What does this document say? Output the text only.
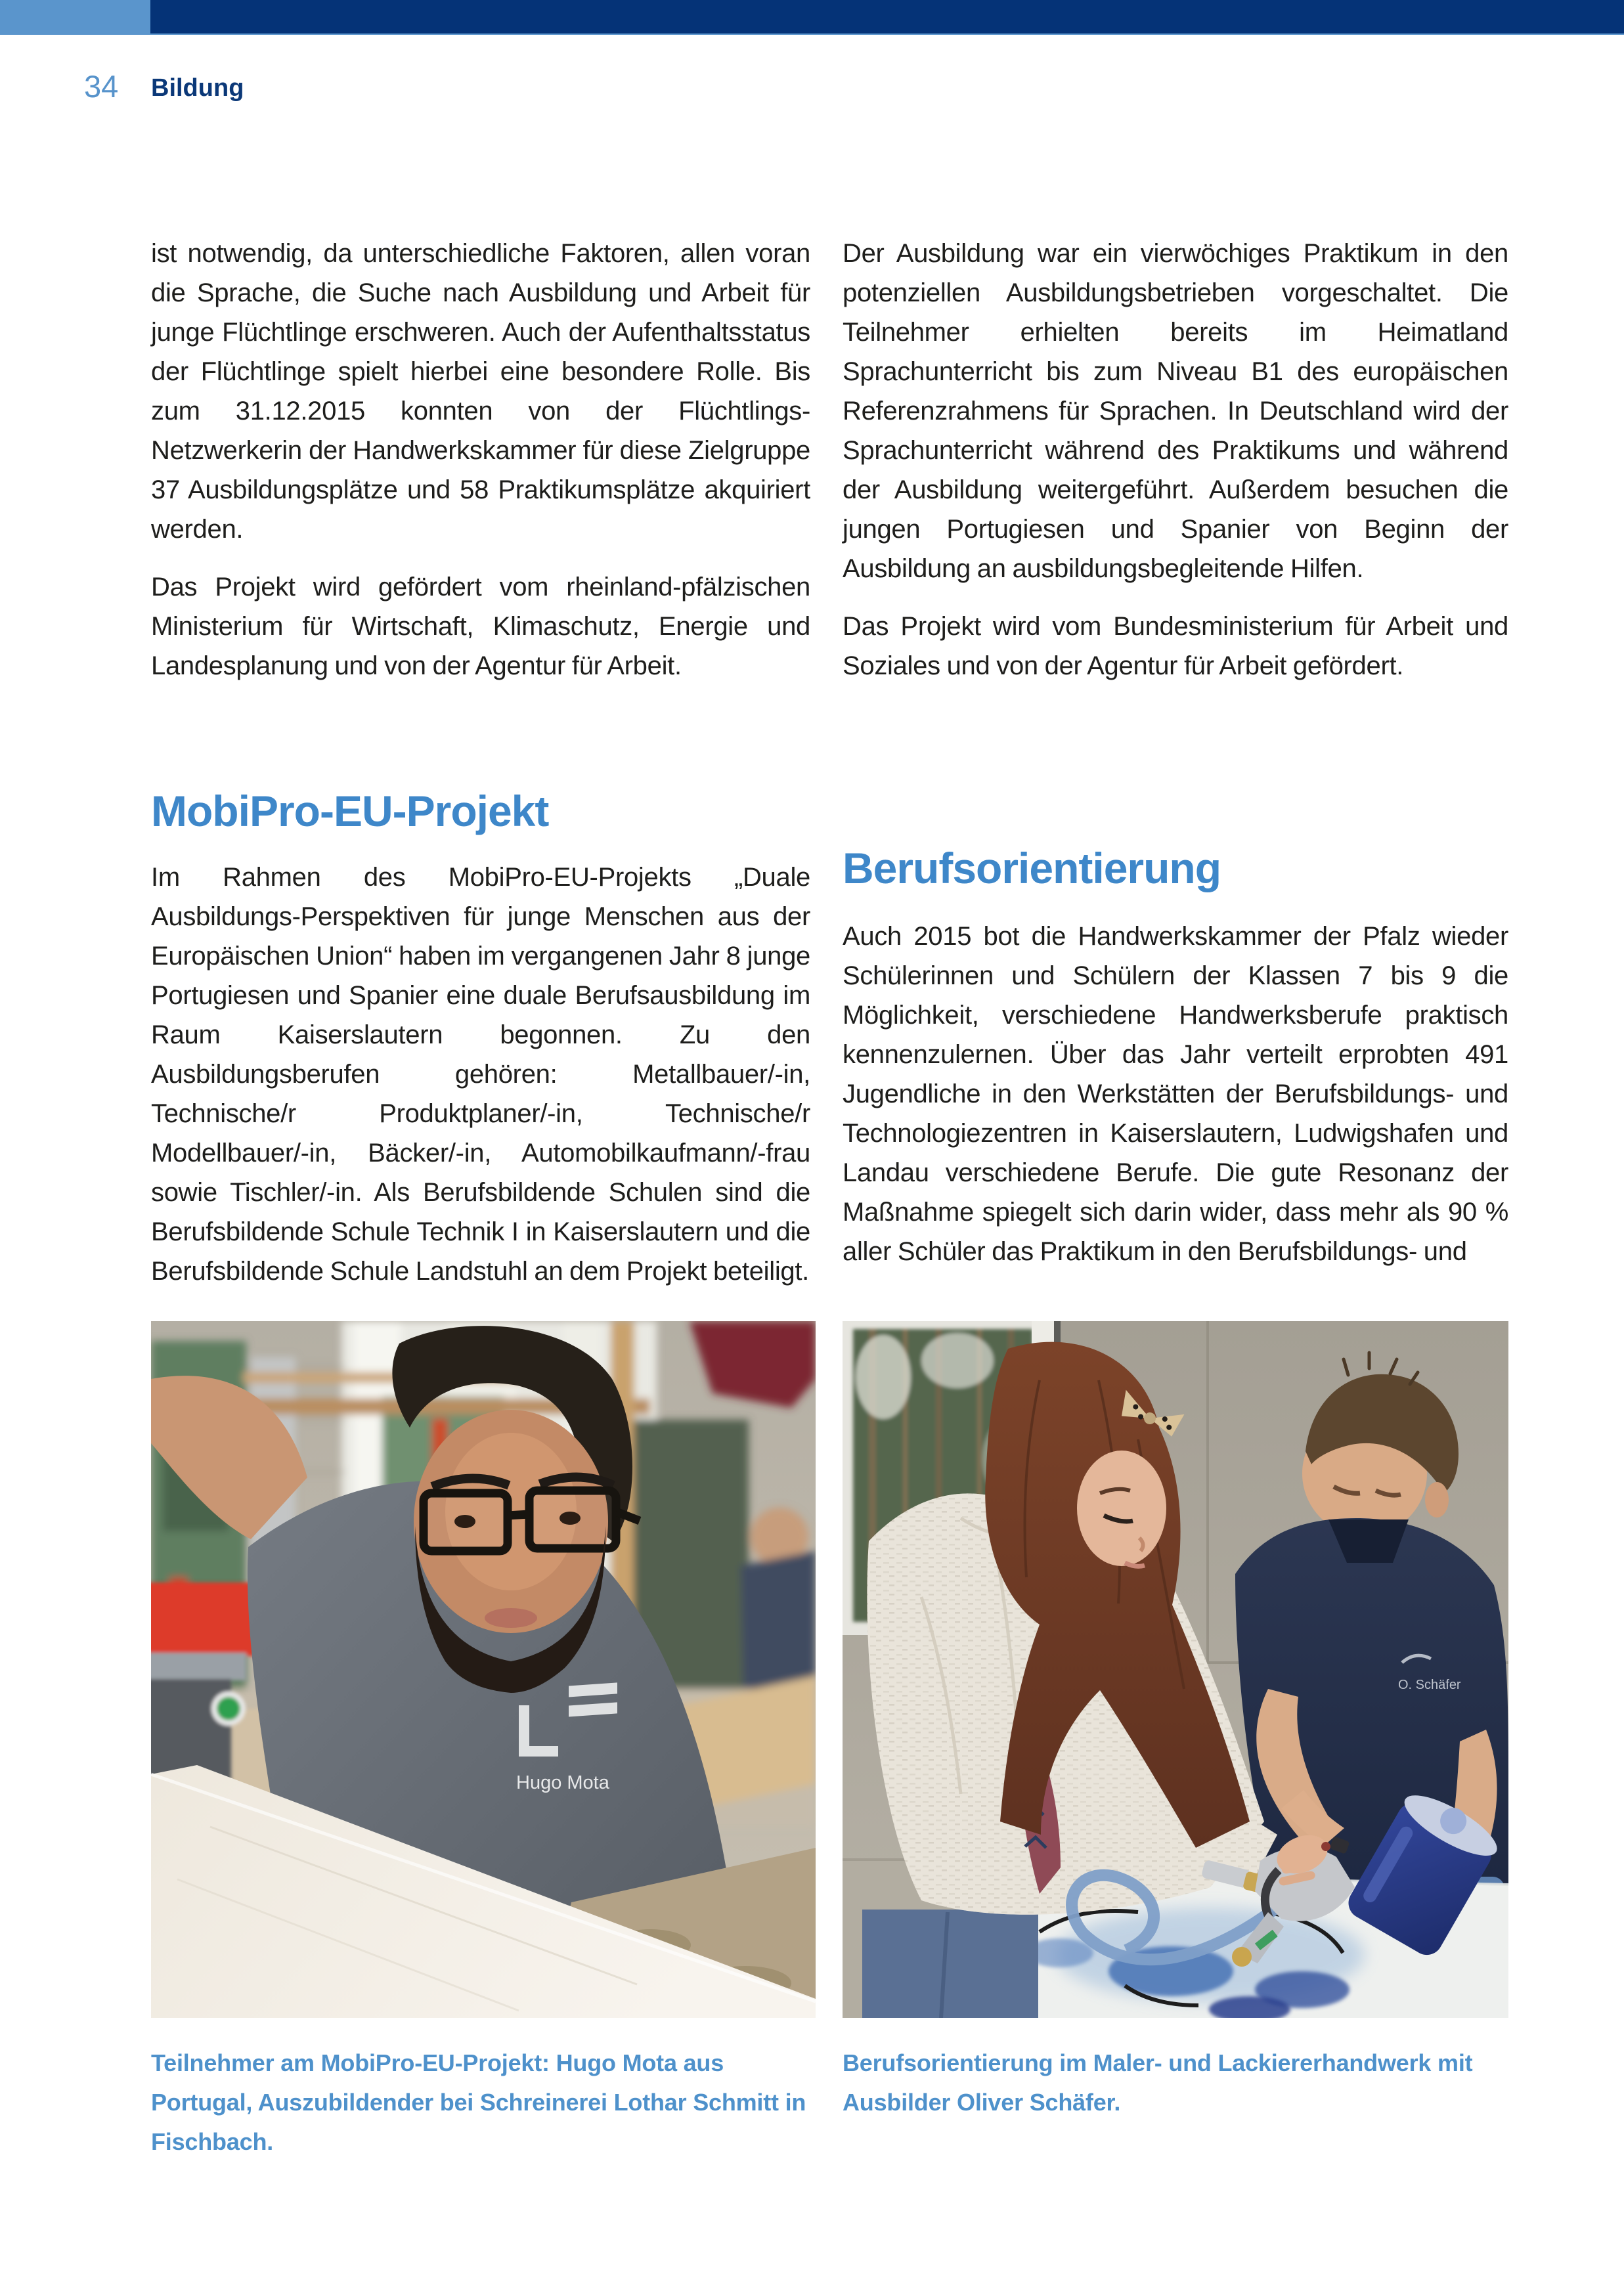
34 Bildung

ist notwendig, da unterschiedliche Faktoren, allen voran die Sprache, die Suche nach Ausbildung und Arbeit für junge Flüchtlinge erschweren. Auch der Aufenthaltsstatus der Flüchtlinge spielt hierbei eine besondere Rolle. Bis zum 31.12.2015 konnten von der Flüchtlings-Netzwerkerin der Handwerkskammer für diese Zielgruppe 37 Ausbildungsplätze und 58 Praktikumsplätze akquiriert werden.

Das Projekt wird gefördert vom rheinland-pfälzischen Ministerium für Wirtschaft, Klimaschutz, Energie und Landesplanung und von der Agentur für Arbeit.

Der Ausbildung war ein vierwöchiges Praktikum in den potenziellen Ausbildungsbetrieben vorgeschaltet. Die Teilnehmer erhielten bereits im Heimatland Sprachunterricht bis zum Niveau B1 des europäischen Referenzrahmens für Sprachen. In Deutschland wird der Sprachunterricht während des Praktikums und während der Ausbildung weitergeführt. Außerdem besuchen die jungen Portugiesen und Spanier von Beginn der Ausbildung an ausbildungsbegleitende Hilfen.

Das Projekt wird vom Bundesministerium für Arbeit und Soziales und von der Agentur für Arbeit gefördert.

MobiPro-EU-Projekt

Im Rahmen des MobiPro-EU-Projekts „Duale Ausbildungs-Perspektiven für junge Menschen aus der Europäischen Union“ haben im vergangenen Jahr 8 junge Portugiesen und Spanier eine duale Berufsausbildung im Raum Kaiserslautern begonnen. Zu den Ausbildungsberufen gehören: Metallbauer/-in, Technische/r Produktplaner/-in, Technische/r Modellbauer/-in, Bäcker/-in, Automobilkaufmann/-frau sowie Tischler/-in. Als Berufsbildende Schulen sind die Berufsbildende Schule Technik I in Kaiserslautern und die Berufsbildende Schule Landstuhl an dem Projekt beteiligt.

Berufsorientierung

Auch 2015 bot die Handwerkskammer der Pfalz wieder Schülerinnen und Schülern der Klassen 7 bis 9 die Möglichkeit, verschiedene Handwerksberufe praktisch kennenzulernen. Über das Jahr verteilt erprobten 491 Jugendliche in den Werkstätten der Berufsbildungs- und Technologiezentren in Kaiserslautern, Ludwigshafen und Landau verschiedene Berufe. Die gute Resonanz der Maßnahme spiegelt sich darin wider, dass mehr als 90 % aller Schüler das Praktikum in den Berufsbildungs- und

Hugo Mota
O. Schäfer

Teilnehmer am MobiPro-EU-Projekt: Hugo Mota aus Portugal, Auszubildender bei Schreinerei Lothar Schmitt in Fischbach.

Berufsorientierung im Maler- und Lackiererhandwerk mit Ausbilder Oliver Schäfer.
